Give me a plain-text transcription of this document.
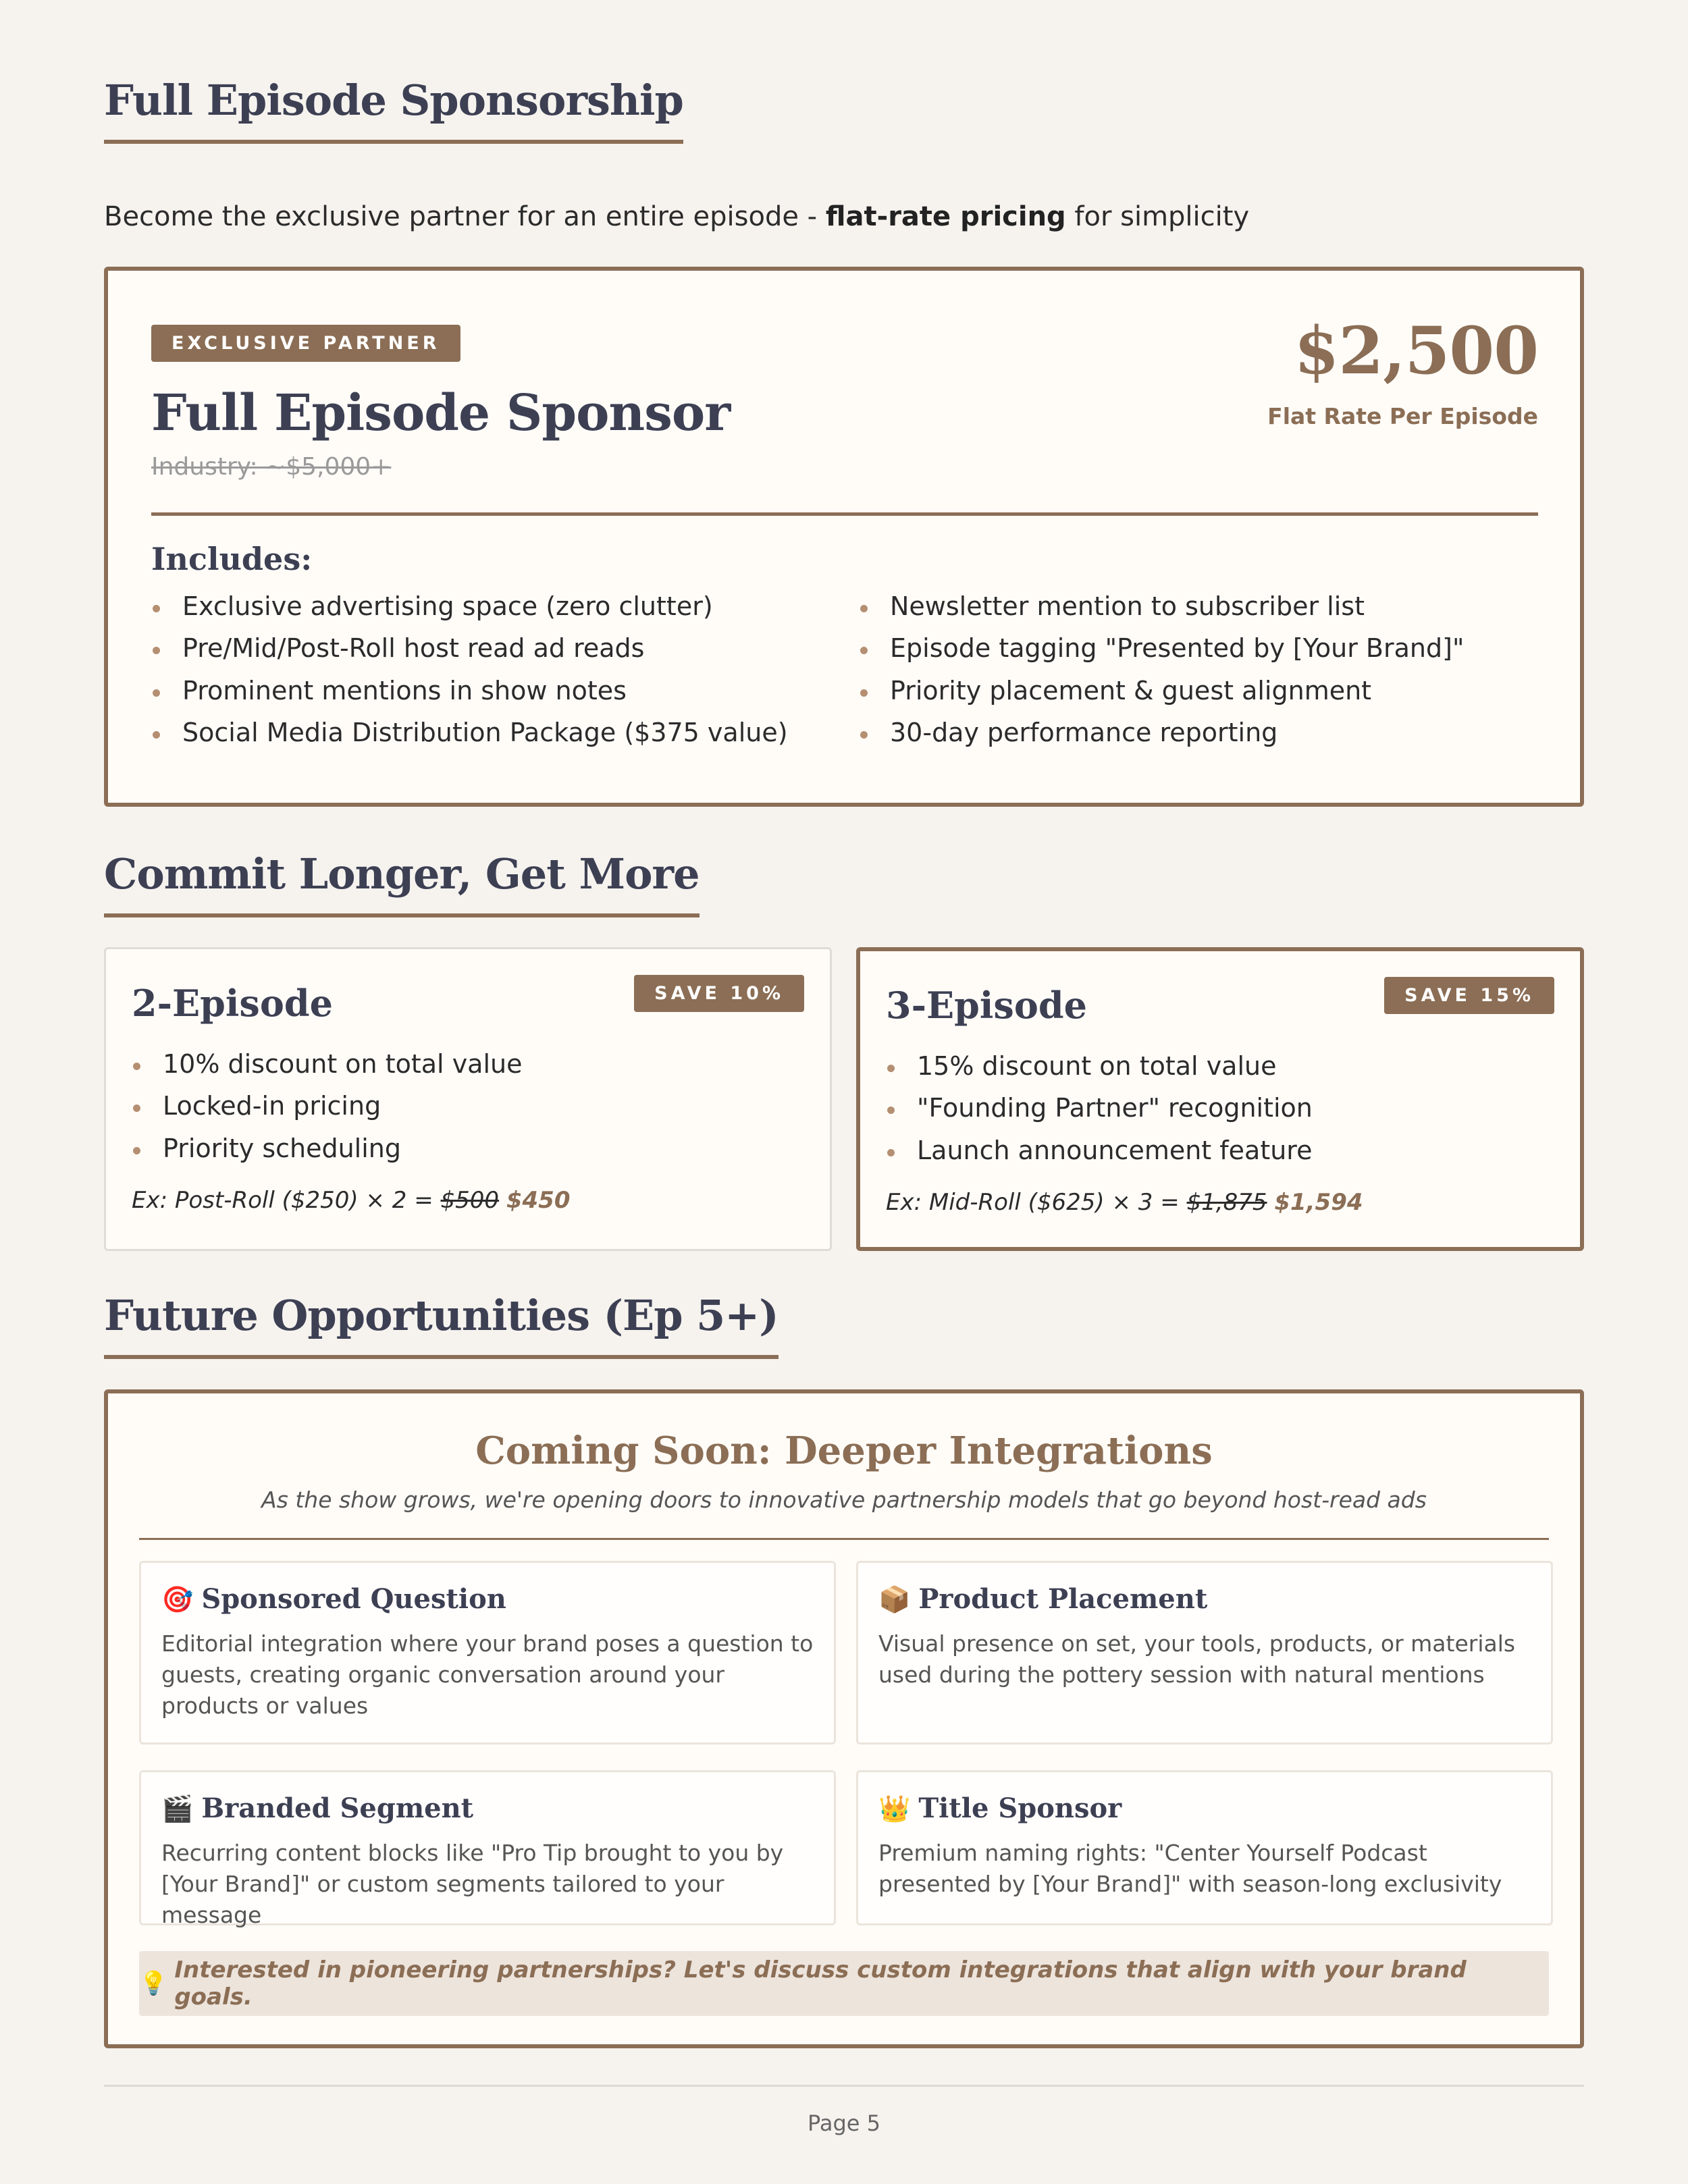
Full Episode Sponsorship

Become the exclusive partner for an entire episode - flat-rate pricing for simplicity

EXCLUSIVE PARTNER
Full Episode Sponsor
Industry: ~$5,000+
$2,500
Flat Rate Per Episode
Includes:
Exclusive advertising space (zero clutter)
Pre/Mid/Post-Roll host read ad reads
Prominent mentions in show notes
Social Media Distribution Package ($375 value)
Newsletter mention to subscriber list
Episode tagging "Presented by [Your Brand]"
Priority placement & guest alignment
30-day performance reporting
Commit Longer, Get More
2-Episode	SAVE 10%
10% discount on total value
Locked-in pricing
Priority scheduling
Ex: Post-Roll ($250) × 2 = $500 $450
3-Episode	SAVE 15%
15% discount on total value
"Founding Partner" recognition
Launch announcement feature
Ex: Mid-Roll ($625) × 3 = $1,875 $1,594
Future Opportunities (Ep 5+)
Coming Soon: Deeper Integrations
As the show grows, we're opening doors to innovative partnership models that go beyond host-read ads
🎯 Sponsored Question
Editorial integration where your brand poses a question to guests, creating organic conversation around your products or values
📦 Product Placement
Visual presence on set, your tools, products, or materials used during the pottery session with natural mentions
🎬 Branded Segment
Recurring content blocks like "Pro Tip brought to you by [Your Brand]" or custom segments tailored to your message
👑 Title Sponsor
Premium naming rights: "Center Yourself Podcast presented by [Your Brand]" with season-long exclusivity
💡 Interested in pioneering partnerships? Let's discuss custom integrations that align with your brand goals.
Page 5
